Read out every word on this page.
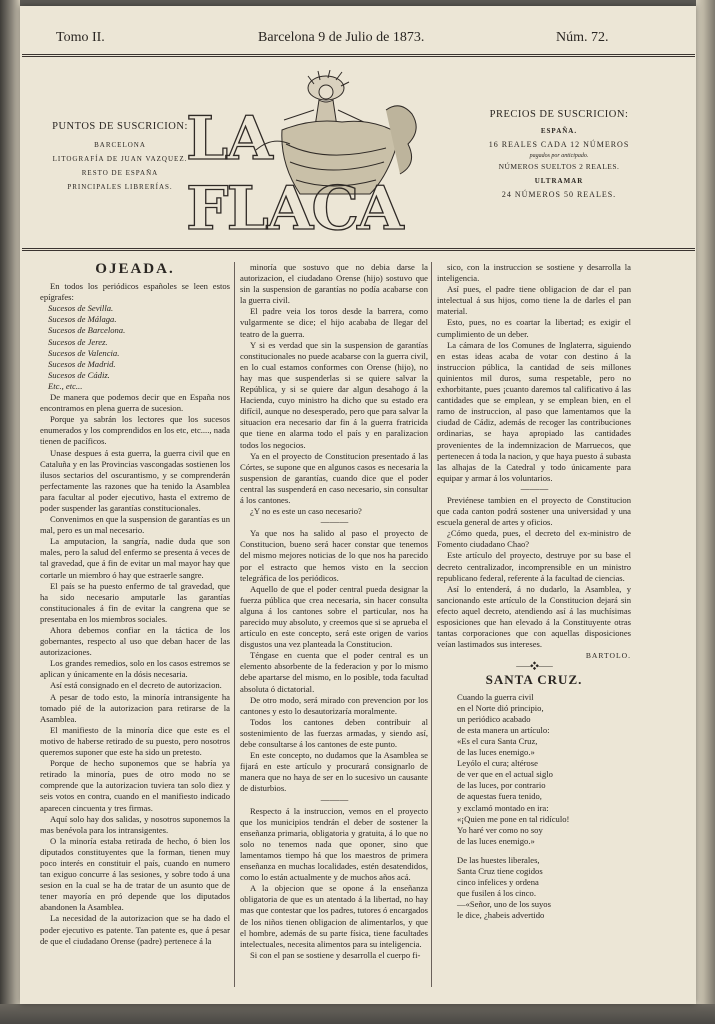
Tomo II.	Barcelona 9 de Julio de 1873.	Núm. 72.
PUNTOS DE SUSCRICION:
BARCELONA
LITOGRAFÍA DE JUAN VAZQUEZ.
RESTO DE ESPAÑA
PRINCIPALES LIBRERÍAS.
LA FLACA
PRECIOS DE SUSCRICION:
ESPAÑA.
16 REALES CADA 12 NÚMEROS
pagados por anticipado.
NÚMEROS SUELTOS 2 REALES.
ULTRAMAR
24 NÚMEROS 50 REALES.

OJEADA.

En todos los periódicos españoles se leen estos epígrafes:

Sucesos de Sevilla.

Sucesos de Málaga.

Sucesos de Barcelona.

Sucesos de Jerez.

Sucesos de Valencia.

Sucesos de Madrid.

Sucesos de Cádiz.

Etc., etc...

De manera que podemos decir que en España nos encontramos en plena guerra de sucesion.

Porque ya sabrán los lectores que los sucesos enumerados y los comprendidos en los etc, etc...., nada tienen de pacíficos.

Unase despues á esta guerra, la guerra civil que en Cataluña y en las Provincias vascongadas sostienen los ilusos sectarios del oscurantismo, y se comprenderán perfectamente las razones que ha tenido la Asamblea para facultar al poder ejecutivo, hasta el extremo de poder suspender las garantías constitucionales.

Convenimos en que la suspension de garantías es un mal, pero es un mal necesario.

La amputacion, la sangría, nadie duda que son males, pero la salud del enfermo se presenta á veces de tal gravedad, que á fin de evitar un mal mayor hay que cortarle un miembro ó hay que estraerle sangre.

El país se ha puesto enfermo de tal gravedad, que ha sido necesario amputarle las garantías constitucionales á fin de evitar la cangrena que se presentaba en los miembros sociales.

Ahora debemos confiar en la táctica de los gobernantes, respecto al uso que deban hacer de las autorizaciones.

Los grandes remedios, solo en los casos estremos se aplican y únicamente en la dósis necesaria.

Así está consignado en el decreto de autorizacion.

A pesar de todo esto, la minoría intransigente ha tomado pié de la autorizacion para retirarse de la Asamblea.

El manifiesto de la minoría dice que este es el motivo de haberse retirado de su puesto, pero nosotros queremos suponer que este ha sido un pretesto.

Porque de hecho suponemos que se habría ya retirado la minoría, pues de otro modo no se comprende que la autorizacion tuviera tan solo diez y seis votos en contra, cuando en el manifiesto indicado aparecen cincuenta y tres firmas.

Aquí solo hay dos salidas, y nosotros suponemos la mas benévola para los intransigentes.

O la minoría estaba retirada de hecho, ó bien los diputados constituyentes que la forman, tienen muy poco interés en constituir el país, cuando en numero tan exiguo concurre á las sesiones, y sobre todo á una sesion en la cual se ha de tratar de un asunto que de tener mayoría en pró depende que los diputados abandonen la Asamblea.

La necesidad de la autorizacion que se ha dado el poder ejecutivo es patente. Tan patente es, que á pesar de que el ciudadano Orense (padre) pertenece á la

minoría que sostuvo que no debia darse la autorizacion, el ciudadano Orense (hijo) sostuvo que sin la suspension de garantías no podía acabarse con la guerra civil.

El padre veia los toros desde la barrera, como vulgarmente se dice; el hijo acababa de llegar del teatro de la guerra.

Y si es verdad que sin la suspension de garantías constitucionales no puede acabarse con la guerra civil, en lo cual estamos conformes con Orense (hijo), no hay mas que suspenderlas si se quiere salvar la República, y si se quiere dar algun desahogo á la Hacienda, cuyo ministro ha dicho que su estado era difícil, aunque no desesperado, pero que para salvar la situacion era necesario dar fin á la guerra fratricida que tiene en alarma todo el país y en paralizacion todos los negocios.

Ya en el proyecto de Constitucion presentado á las Córtes, se supone que en algunos casos es necesaria la suspension de garantías, cuando dice que el poder central las suspenderá en caso necesario, sin consultar á los cantones.

¿Y no es este un caso necesario?

— — —

Ya que nos ha salido al paso el proyecto de Constitucion, bueno será hacer constar que tenemos del mismo mejores noticias de lo que nos ha parecido por el estracto que hemos visto en la seccion telegráfica de los periódicos.

Aquello de que el poder central pueda designar la fuerza pública que crea necesaria, sin hacer consulta alguna á los cantones sobre el particular, nos ha parecido muy absoluto, y creemos que si se aprueba el artículo en este concepto, será este origen de varios disgustos una vez planteada la Constitucion.

Téngase en cuenta que el poder central es un elemento absorbente de la federacion y por lo mismo debe apartarse del mismo, en lo posible, toda facultad absoluta ó dictatorial.

De otro modo, será mirado con prevencion por los cantones y esto lo desautorizaría moralmente.

Todos los cantones deben contribuir al sostenimiento de las fuerzas armadas, y siendo así, debe consultarse á los cantones de este punto.

En este concepto, no dudamos que la Asamblea se fijará en este artículo y procurará consignarlo de manera que no haya de ser en lo sucesivo un causante de disturbios.

— — —

Respecto á la instruccion, vemos en el proyecto que los municipios tendrán el deber de sostener la enseñanza primaria, obligatoria y gratuita, á lo que no solo no tenemos nada que oponer, sino que lamentamos tiempo há que los maestros de primera enseñanza en muchas localidades, estén desatendidos, como lo están actualmente y de muchos años acá.

A la objecion que se opone á la enseñanza obligatoria de que es un atentado á la libertad, no hay mas que contestar que los padres, tutores ó encargados de los niños tienen obligacion de alimentarlos, y que el hombre, además de su parte física, tiene facultades intelectuales, necesita alimentos para su inteligencia.

Si con el pan se sostiene y desarrolla el cuerpo fi-

sico, con la instruccion se sostiene y desarrolla la inteligencia.

Así pues, el padre tiene obligacion de dar el pan intelectual á sus hijos, como tiene la de darles el pan material.

Esto, pues, no es coartar la libertad; es exigir el cumplimiento de un deber.

La cámara de los Comunes de Inglaterra, siguiendo en estas ideas acaba de votar con destino á la instruccion pública, la cantidad de seis millones quinientos mil duros, suma respetable, pero no exhorbitante, pues ¡cuanto daremos tal calificativo á las cantidades que se emplean, y se emplean bien, en el ramo de instruccion, al paso que lamentamos que la ciudad de Cádiz, además de recoger las contribuciones ordinarias, se haya apropiado las cantidades provenientes de la indemnizacion de Marruecos, que pertenecen á toda la nacion, y que haya puesto á subasta las alhajas de la Catedral y todo únicamente para equipar y armar á los voluntarios.

— — —

Previénese tambien en el proyecto de Constitucion que cada canton podrá sostener una universidad y una escuela general de artes y oficios.

¿Cómo queda, pues, el decreto del ex-ministro de Fomento ciudadano Chao?

Este artículo del proyecto, destruye por su base el decreto centralizador, incomprensible en un ministro republicano federal, referente á la facultad de ciencias.

Así lo entenderá, á no dudarlo, la Asamblea, y sancionando este artículo de la Constitucion dejará sin efecto aquel decreto, atendiendo así á las muchísimas esposiciones que han elevado á la Constituyente otras tantas corporaciones que con aquellas disposiciones veían lastimados sus intereses.

BARTOLO.

⸺❖⸺

SANTA CRUZ.

Cuando la guerra civil

en el Norte dió principio,

un periódico acabado

de esta manera un artículo:

«Es el cura Santa Cruz,

de las luces enemigo.»

Leyólo el cura; altérose

de ver que en el actual siglo

de las luces, por contrario

de aquestas fuera tenido,

y exclamó montado en ira:

«¡Quien me pone en tal ridículo!

Yo haré ver como no soy

de las luces enemigo.»

De las huestes liberales,

Santa Cruz tiene cogidos

cinco infelices y ordena

que fusilen á los cinco.

—«Señor, uno de los suyos

le dice, ¿habeis advertido
